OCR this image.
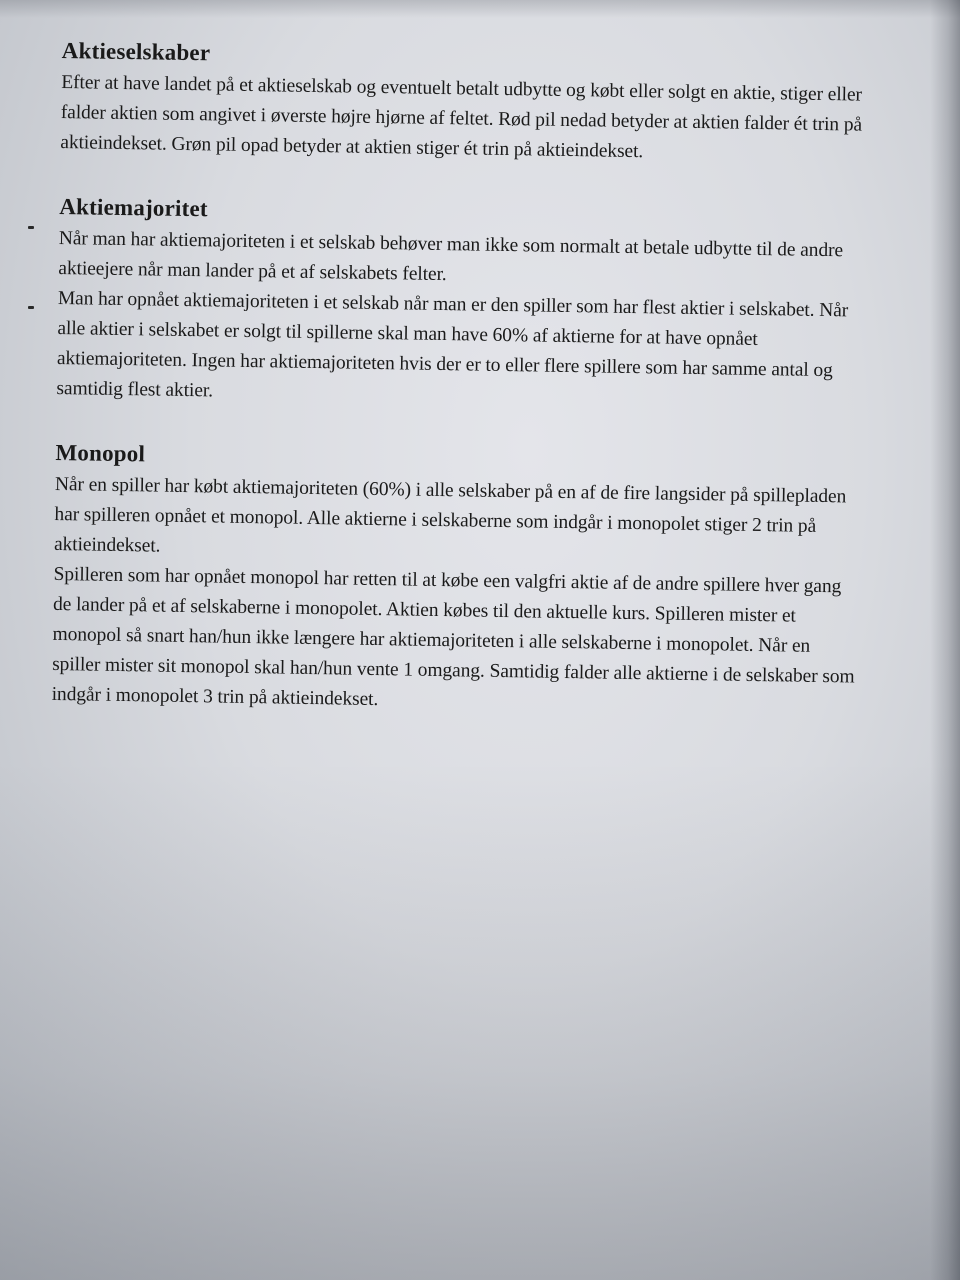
Aktieselskaber

Efter at have landet på et aktieselskab og eventuelt betalt udbytte og købt eller solgt en aktie, stiger eller falder aktien som angivet i øverste højre hjørne af feltet. Rød pil nedad betyder at aktien falder ét trin på aktieindekset. Grøn pil opad betyder at aktien stiger ét trin på aktieindekset.

Aktiemajoritet

Når man har aktiemajoriteten i et selskab behøver man ikke som normalt at betale udbytte til de andre aktieejere når man lander på et af selskabets felter.

Man har opnået aktiemajoriteten i et selskab når man er den spiller som har flest aktier i selskabet. Når alle aktier i selskabet er solgt til spillerne skal man have 60% af aktierne for at have opnået aktiemajoriteten. Ingen har aktiemajoriteten hvis der er to eller flere spillere som har samme antal og samtidig flest aktier.

Monopol

Når en spiller har købt aktiemajoriteten (60%) i alle selskaber på en af de fire langsider på spillepladen har spilleren opnået et monopol. Alle aktierne i selskaberne som indgår i monopolet stiger 2 trin på aktieindekset.

Spilleren som har opnået monopol har retten til at købe een valgfri aktie af de andre spillere hver gang de lander på et af selskaberne i monopolet. Aktien købes til den aktuelle kurs. Spilleren mister et monopol så snart han/hun ikke længere har aktiemajoriteten i alle selskaberne i monopolet. Når en spiller mister sit monopol skal han/hun vente 1 omgang. Samtidig falder alle aktierne i de selskaber som indgår i monopolet 3 trin på aktieindekset.
